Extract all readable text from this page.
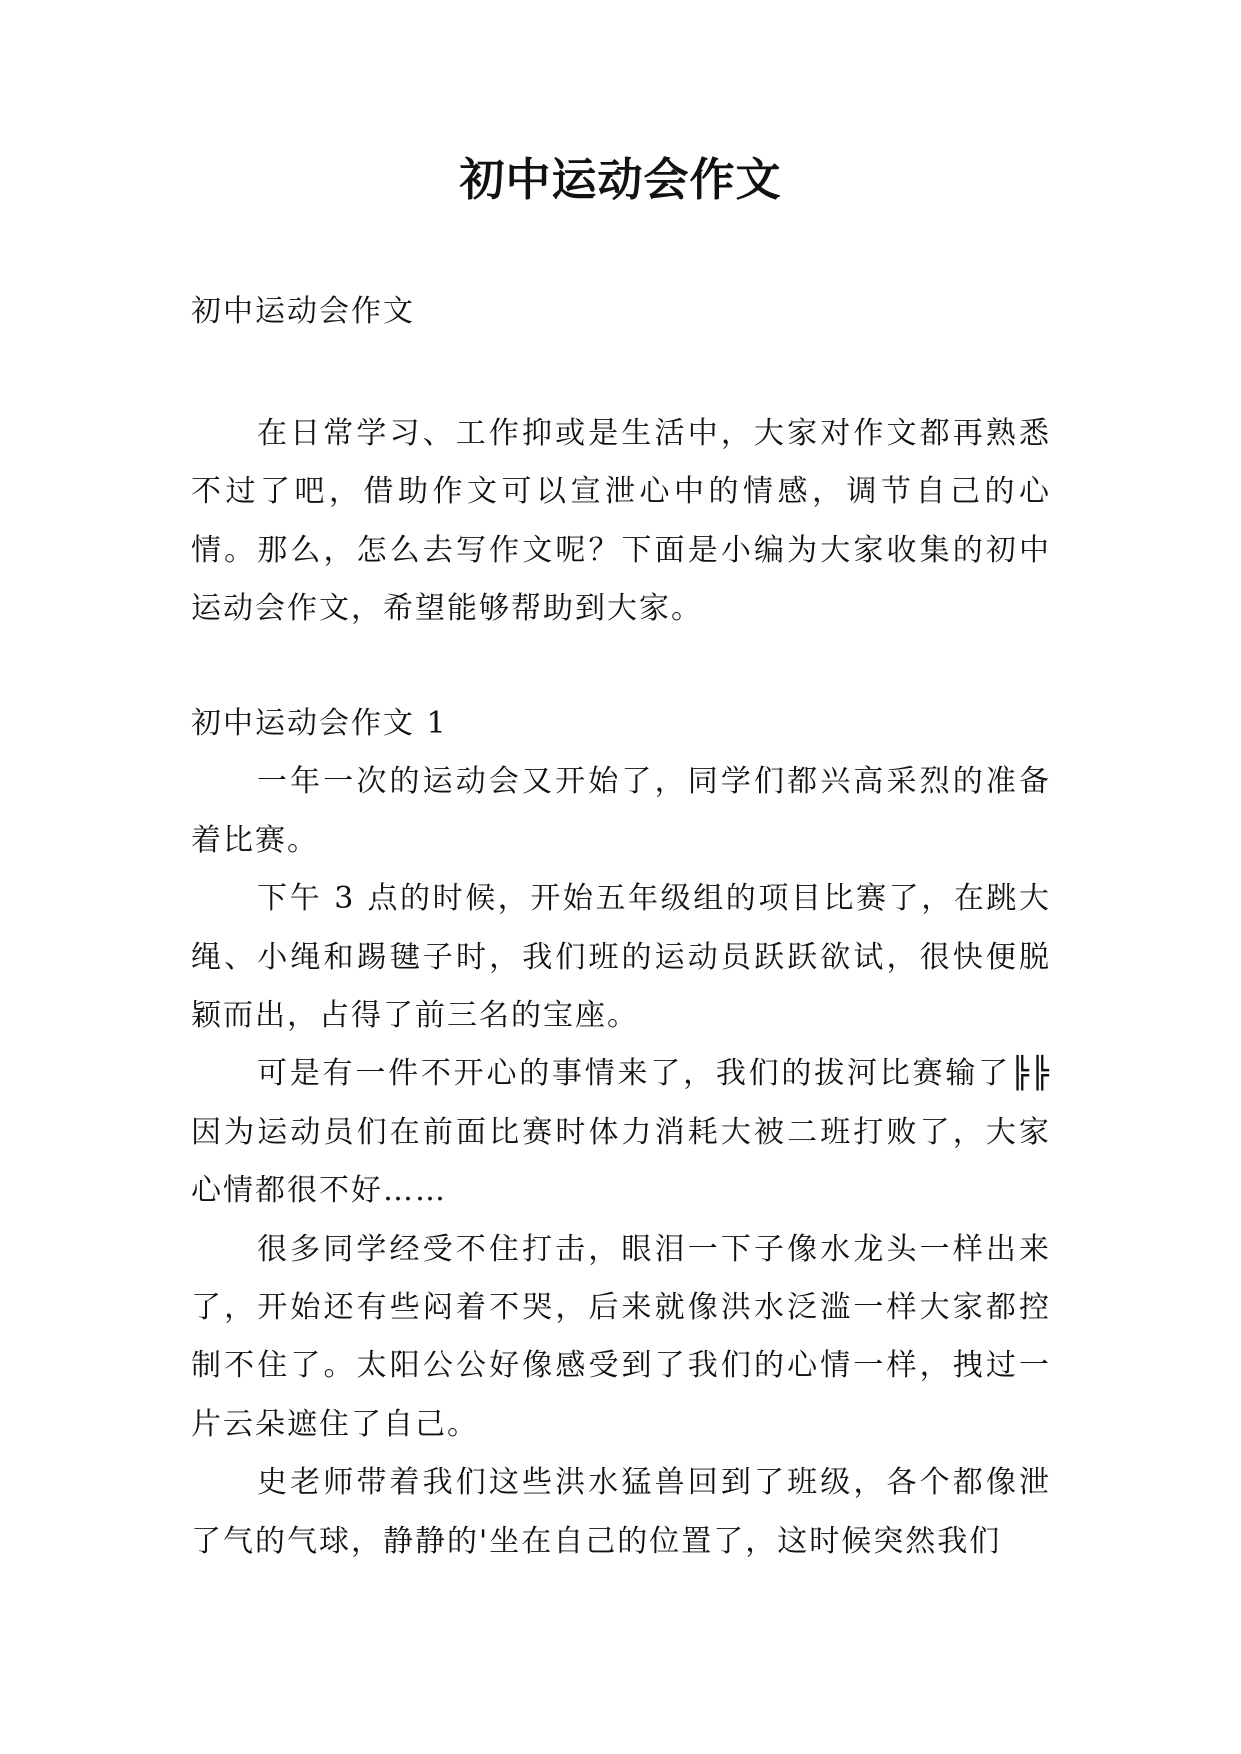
初中运动会作文

初中运动会作文

在日常学习、工作抑或是生活中，大家对作文都再熟悉不过了吧，借助作文可以宣泄心中的情感，调节自己的心情。那么，怎么去写作文呢？下面是小编为大家收集的初中运动会作文，希望能够帮助到大家。

初中运动会作文 1

一年一次的运动会又开始了，同学们都兴高采烈的准备着比赛。

下午 3 点的时候，开始五年级组的项目比赛了，在跳大绳、小绳和踢毽子时，我们班的运动员跃跃欲试，很快便脱颖而出，占得了前三名的宝座。

可是有一件不开心的事情来了，我们的拔河比赛输了╠╠因为运动员们在前面比赛时体力消耗大被二班打败了，大家心情都很不好……

很多同学经受不住打击，眼泪一下子像水龙头一样出来了，开始还有些闷着不哭，后来就像洪水泛滥一样大家都控制不住了。太阳公公好像感受到了我们的心情一样，拽过一片云朵遮住了自己。

史老师带着我们这些洪水猛兽回到了班级，各个都像泄了气的气球，静静的'坐在自己的位置了，这时候突然我们
